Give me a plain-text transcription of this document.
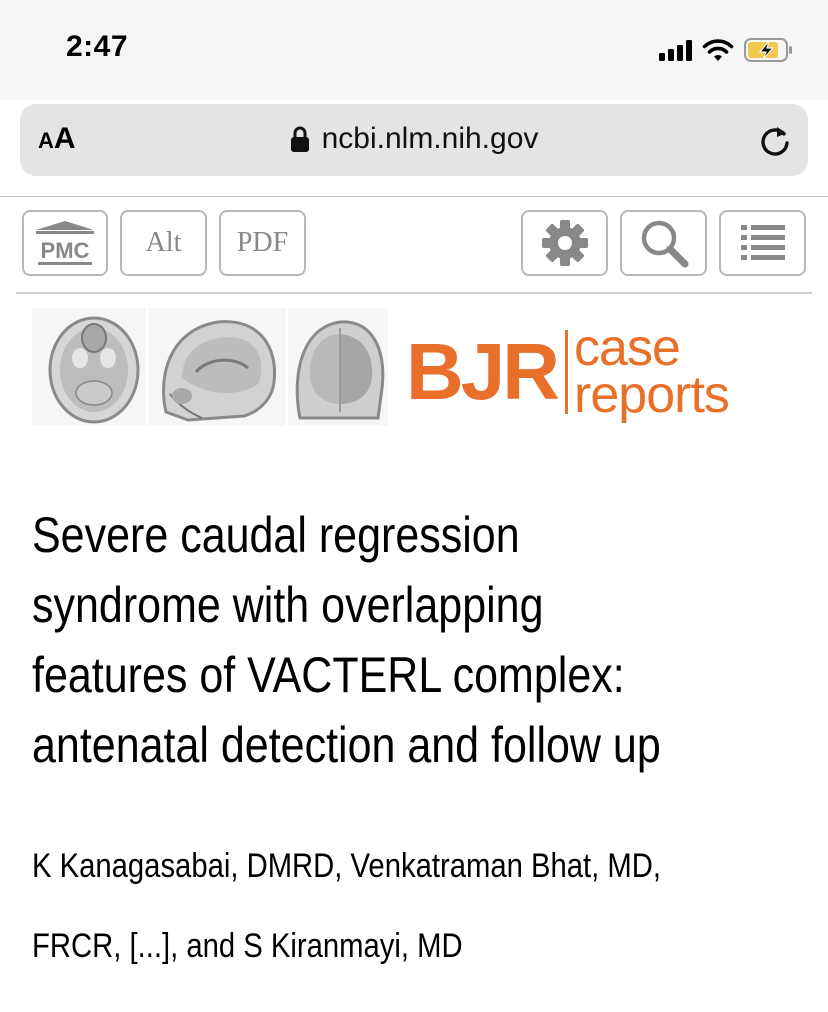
2:47
AA	ncbi.nlm.nih.gov
PMC	Alt PDF
BJR case
reports
Severe caudal regression
syndrome with overlapping
features of VACTERL complex:
antenatal detection and follow up
K Kanagasabai, DMRD, Venkatraman Bhat, MD,
FRCR, [...], and S Kiranmayi, MD
